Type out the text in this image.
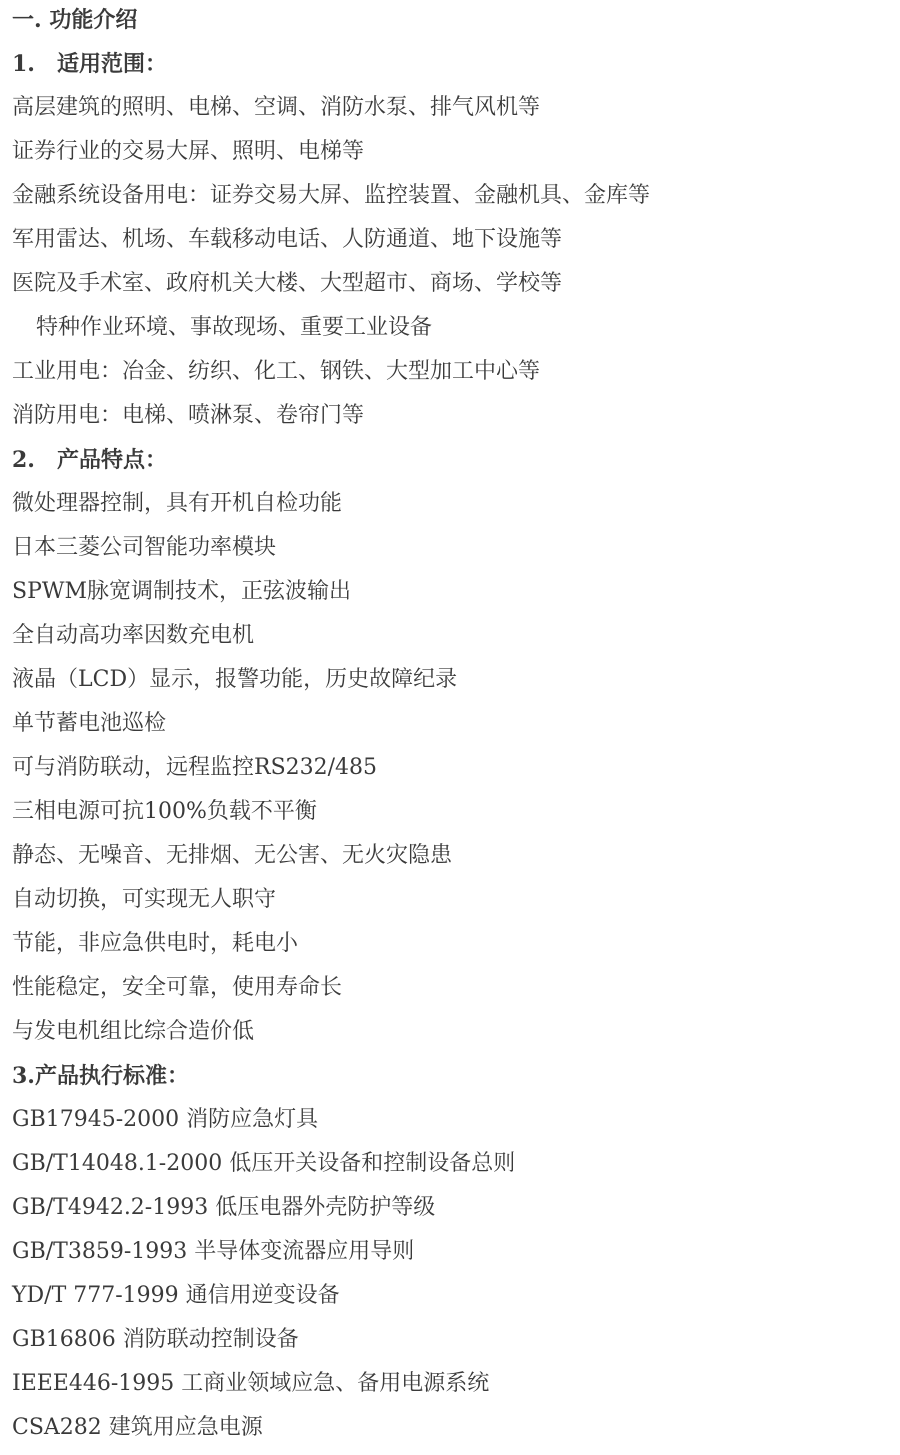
一. 功能介绍

1.　适用范围：

高层建筑的照明、电梯、空调、消防水泵、排气风机等

证券行业的交易大屏、照明、电梯等

金融系统设备用电：证券交易大屏、监控装置、金融机具、金库等

军用雷达、机场、车载移动电话、人防通道、地下设施等

医院及手术室、政府机关大楼、大型超市、商场、学校等

特种作业环境、事故现场、重要工业设备

工业用电：冶金、纺织、化工、钢铁、大型加工中心等

消防用电：电梯、喷淋泵、卷帘门等

2.　产品特点：

微处理器控制，具有开机自检功能

日本三菱公司智能功率模块

SPWM脉宽调制技术，正弦波输出

全自动高功率因数充电机

液晶（LCD）显示，报警功能，历史故障纪录

单节蓄电池巡检

可与消防联动，远程监控RS232/485

三相电源可抗100%负载不平衡

静态、无噪音、无排烟、无公害、无火灾隐患

自动切换，可实现无人职守

节能，非应急供电时，耗电小

性能稳定，安全可靠，使用寿命长

与发电机组比综合造价低

3.产品执行标准：

GB17945-2000 消防应急灯具

GB/T14048.1-2000 低压开关设备和控制设备总则

GB/T4942.2-1993 低压电器外壳防护等级

GB/T3859-1993 半导体变流器应用导则

YD/T 777-1999 通信用逆变设备

GB16806 消防联动控制设备

IEEE446-1995 工商业领域应急、备用电源系统

CSA282 建筑用应急电源
